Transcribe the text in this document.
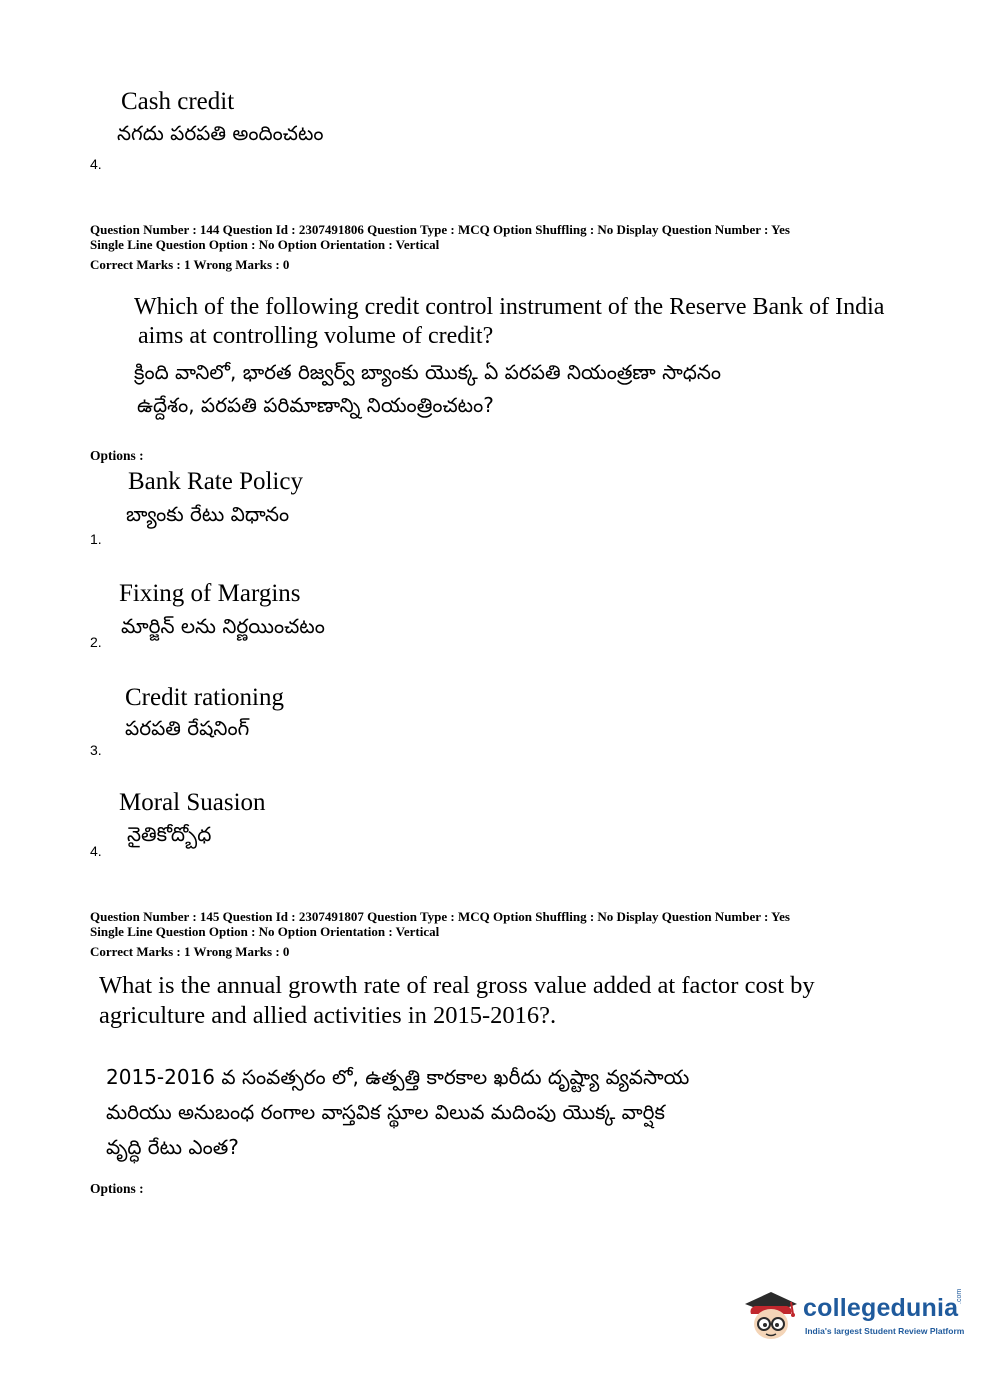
Cash credit
నగదు పరపతి అందించటం
4.
Question Number : 144 Question Id : 2307491806 Question Type : MCQ Option Shuffling : No Display Question Number : Yes
Single Line Question Option : No Option Orientation : Vertical
Correct Marks : 1 Wrong Marks : 0
Which of the following credit control instrument of the Reserve Bank of India
aims at controlling volume of credit?
క్రింది వానిలో, భారత రిజ్వర్వ్ బ్యాంకు యొక్క ఏ పరపతి నియంత్రణా సాధనం
ఉద్దేశం, పరపతి పరిమాణాన్ని నియంత్రించటం?
Options :
Bank Rate Policy
బ్యాంకు రేటు విధానం
1.
Fixing of Margins
మార్జిన్ లను నిర్ణయించటం
2.
Credit rationing
పరపతి రేషనింగ్
3.
Moral Suasion
నైతికోద్బోధ
4.
Question Number : 145 Question Id : 2307491807 Question Type : MCQ Option Shuffling : No Display Question Number : Yes
Single Line Question Option : No Option Orientation : Vertical
Correct Marks : 1 Wrong Marks : 0
What is the annual growth rate of real gross value added at factor cost by
agriculture and allied activities in 2015-2016?.
2015-2016 వ సంవత్సరం లో, ఉత్పత్తి కారకాల ఖరీదు దృష్ట్యా వ్యవసాయ
మరియు అనుబంధ రంగాల వాస్తవిక స్థూల విలువ మదింపు యొక్క వార్షిక
వృద్ధి రేటు ఎంత?
Options :
collegedunia
.com
India's largest Student Review Platform
